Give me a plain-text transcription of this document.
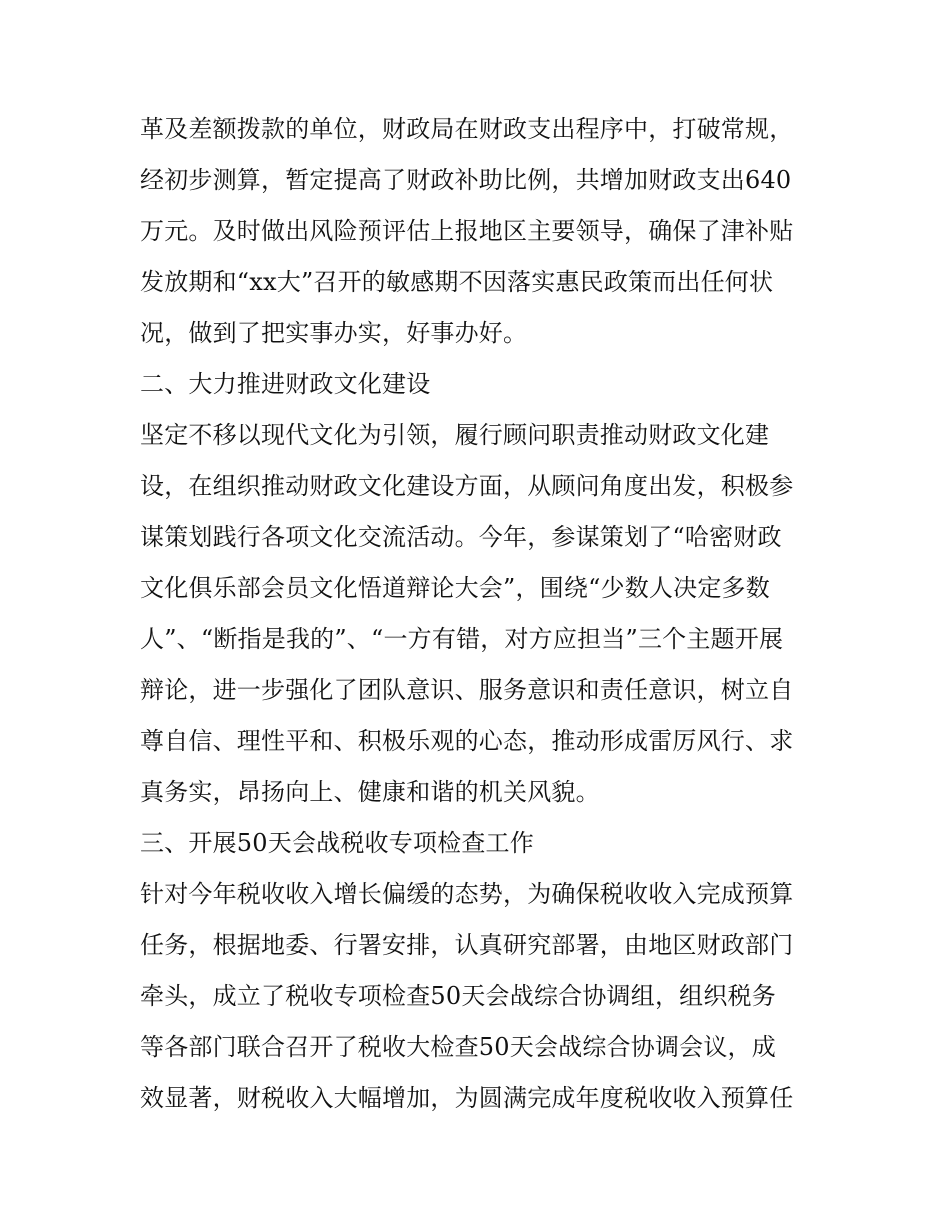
革及差额拨款的单位，财政局在财政支出程序中，打破常规，
经初步测算，暂定提高了财政补助比例，共增加财政支出640
万元。及时做出风险预评估上报地区主要领导，确保了津补贴
发放期和“xx大”召开的敏感期不因落实惠民政策而出任何状
况，做到了把实事办实，好事办好。
二、大力推进财政文化建设
坚定不移以现代文化为引领，履行顾问职责推动财政文化建
设，在组织推动财政文化建设方面，从顾问角度出发，积极参
谋策划践行各项文化交流活动。今年，参谋策划了“哈密财政
文化俱乐部会员文化悟道辩论大会”，围绕“少数人决定多数
人”、“断指是我的”、“一方有错，对方应担当”三个主题开展
辩论，进一步强化了团队意识、服务意识和责任意识，树立自
尊自信、理性平和、积极乐观的心态，推动形成雷厉风行、求
真务实，昂扬向上、健康和谐的机关风貌。
三、开展50天会战税收专项检查工作
针对今年税收收入增长偏缓的态势，为确保税收收入完成预算
任务，根据地委、行署安排，认真研究部署，由地区财政部门
牵头，成立了税收专项检查50天会战综合协调组，组织税务
等各部门联合召开了税收大检查50天会战综合协调会议，成
效显著，财税收入大幅增加，为圆满完成年度税收收入预算任
